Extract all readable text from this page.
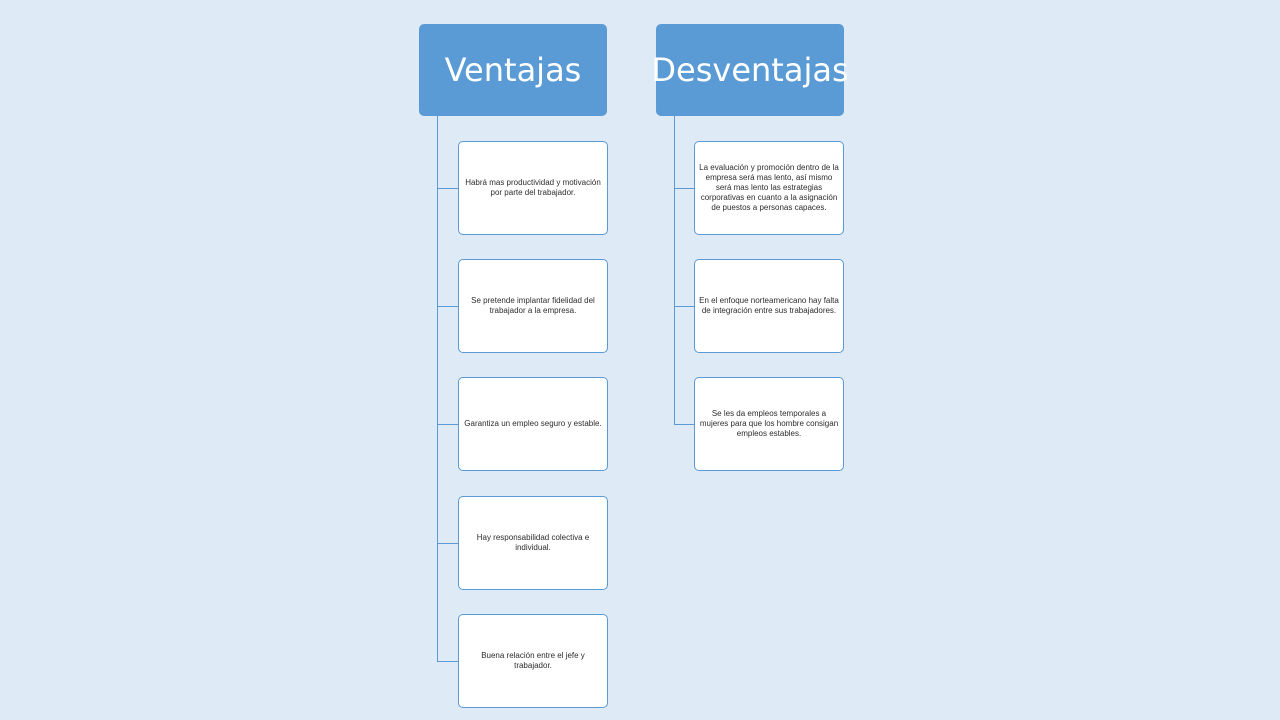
Ventajas
Habrá mas productividad y motivación por parte del trabajador.
Se pretende implantar fidelidad del trabajador a la empresa.
Garantiza un empleo seguro y estable.
Hay responsabilidad colectiva e individual.
Buena relación entre el jefe y trabajador.
Desventajas
La evaluación y promoción dentro de la empresa será mas lento, así mismo será mas lento las estrategias corporativas en cuanto a la asignación de puestos a personas capaces.
En el enfoque norteamericano hay falta de integración entre sus trabajadores.
Se les da empleos temporales a mujeres para que los hombre consigan empleos estables.
